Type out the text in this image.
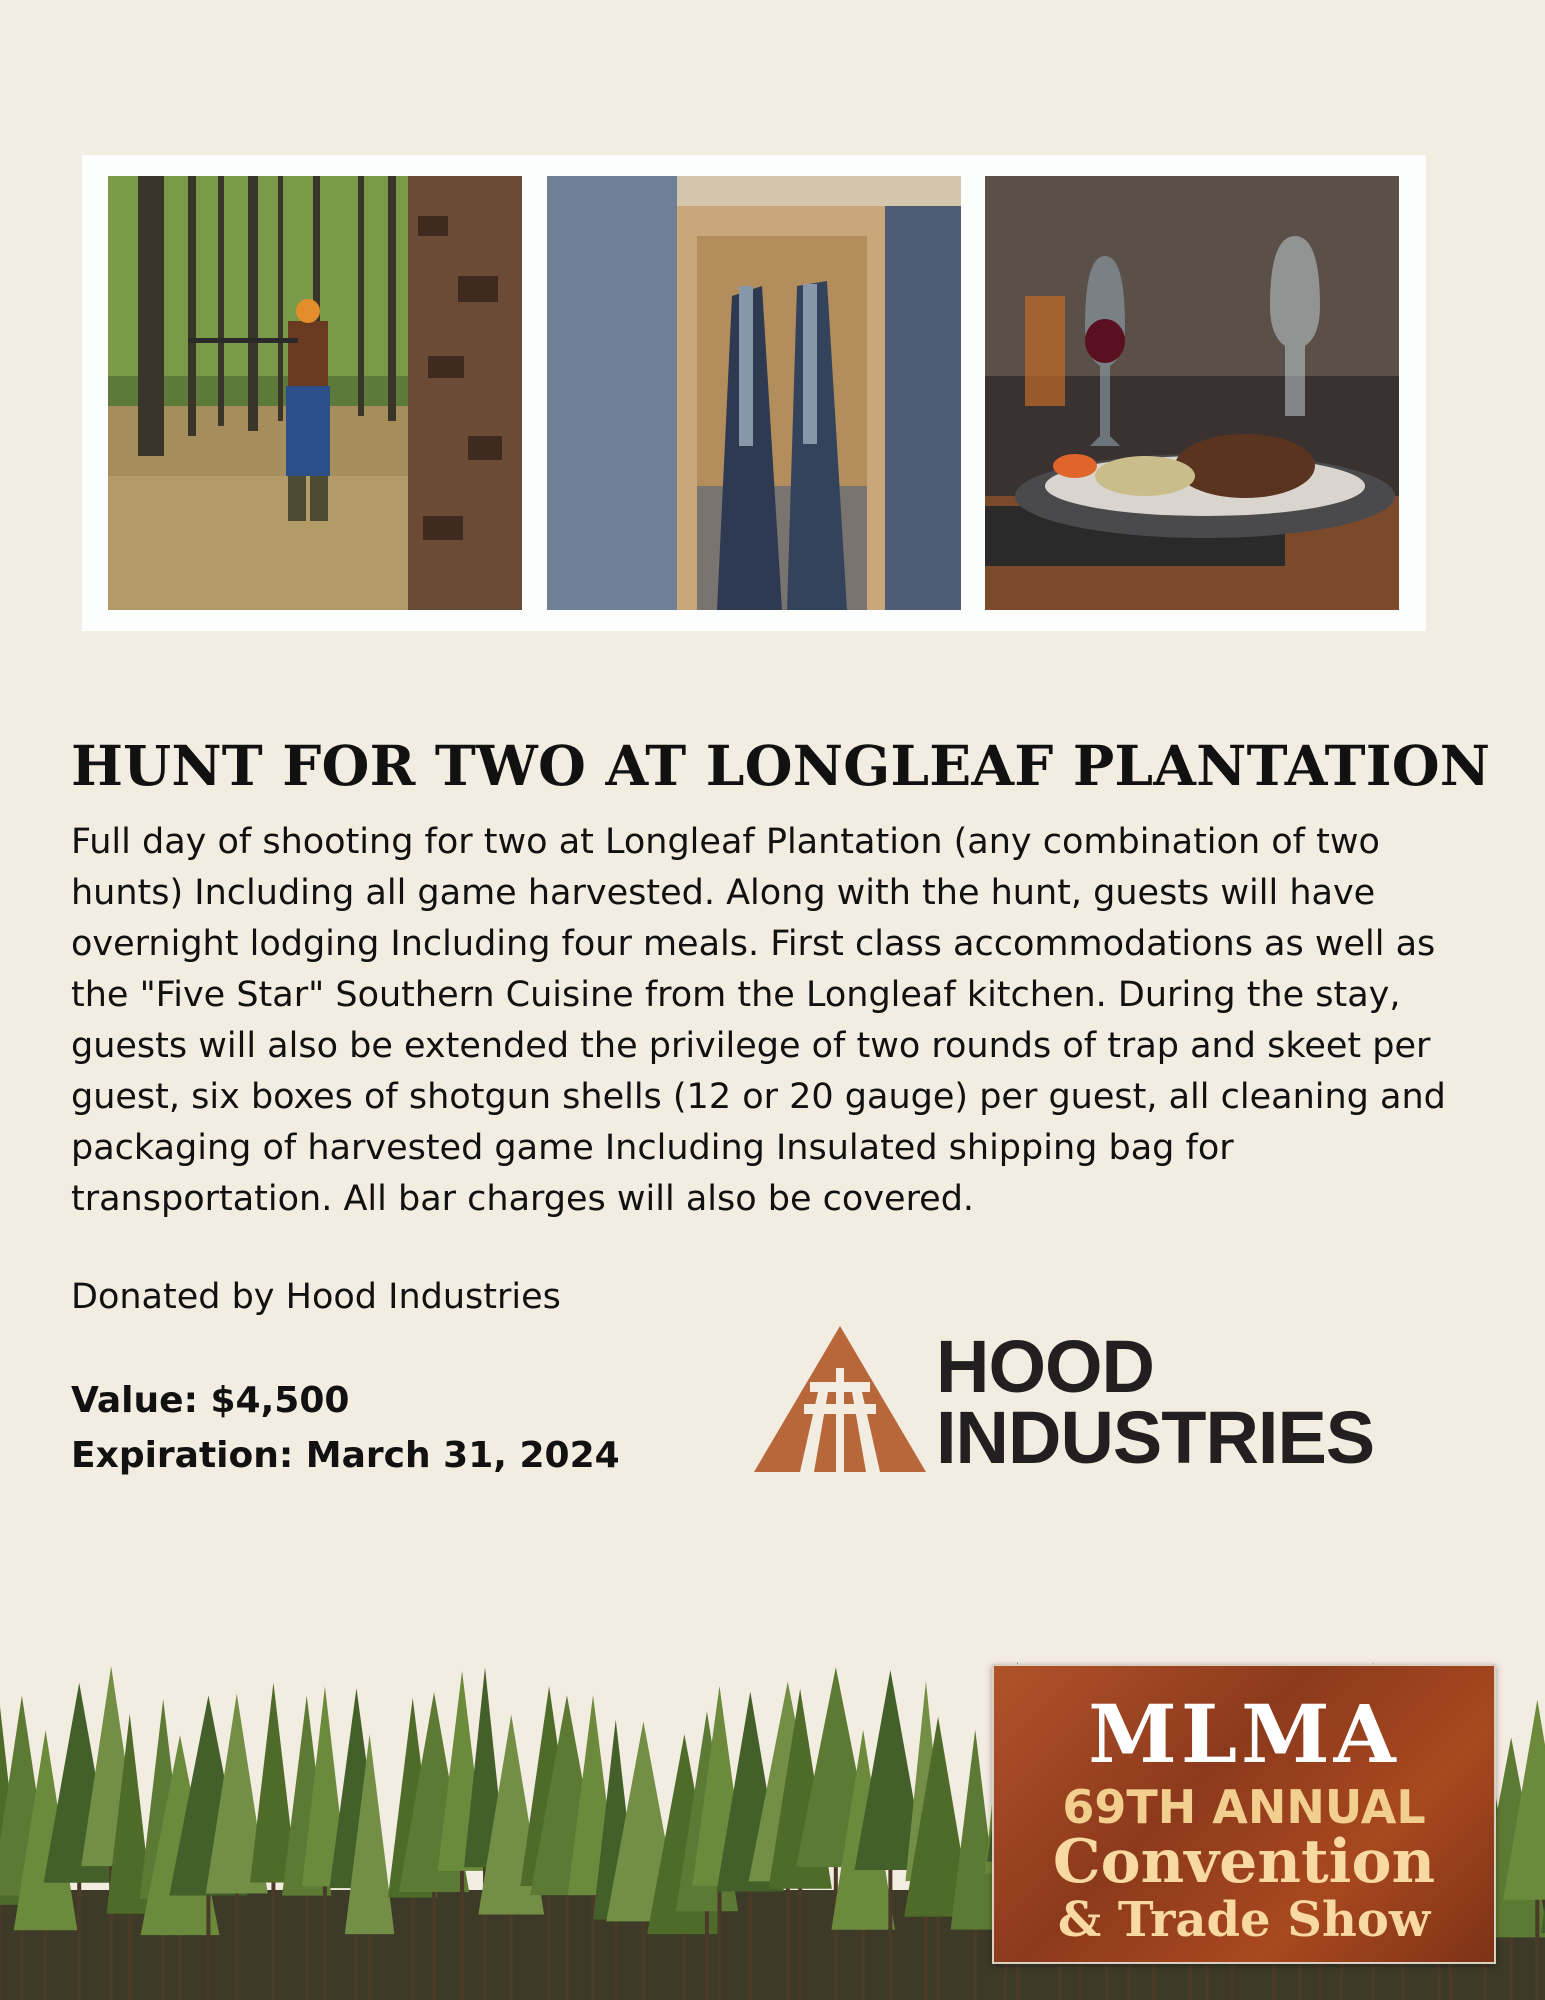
HUNT FOR TWO AT LONGLEAF PLANTATION

Full day of shooting for two at Longleaf Plantation (any combination of two hunts) Including all game harvested. Along with the hunt, guests will have overnight lodging Including four meals. First class accommodations as well as the "Five Star" Southern Cuisine from the Longleaf kitchen. During the stay, guests will also be extended the privilege of two rounds of trap and skeet per guest, six boxes of shotgun shells (12 or 20 gauge) per guest, all cleaning and packaging of harvested game Including Insulated shipping bag for transportation. All bar charges will also be covered.

Donated by Hood Industries

Value: $4,500

Expiration: March 31, 2024

HOOD
INDUSTRIES
MLMA
69TH ANNUAL
Convention
& Trade Show
